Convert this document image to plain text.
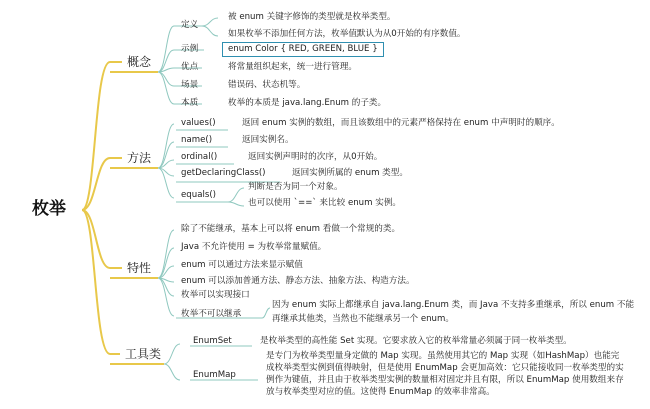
枚举
概念
定义
被 enum 关键字修饰的类型就是枚举类型。
如果枚举不添加任何方法，枚举值默认为从0开始的有序数值。
示例	enum Color { RED, GREEN, BLUE }
优点	将常量组织起来，统一进行管理。
场景	错误码、状态机等。
本质	枚举的本质是 java.lang.Enum 的子类。
方法
values()	返回 enum 实例的数组，而且该数组中的元素严格保持在 enum 中声明时的顺序。
name()	返回实例名。
ordinal()	返回实例声明时的次序，从0开始。
getDeclaringClass()	返回实例所属的 enum 类型。
equals()
判断是否为同一个对象。
也可以使用 `==` 来比较 enum 实例。
特性
除了不能继承，基本上可以将 enum 看做一个常规的类。
Java 不允许使用 = 为枚举常量赋值。
enum 可以通过方法来显示赋值
enum 可以添加普通方法、静态方法、抽象方法、构造方法。
枚举可以实现接口
枚举不可以继承
因为 enum 实际上都继承自 java.lang.Enum 类，而 Java 不支持多重继承，所以 enum 不能
再继承其他类，当然也不能继承另一个 enum。
工具类
EnumSet	是枚举类型的高性能 Set 实现。它要求放入它的枚举常量必须属于同一枚举类型。
EnumMap
是专门为枚举类型量身定做的 Map 实现。虽然使用其它的 Map 实现（如HashMap）也能完
成枚举类型实例到值得映射，但是使用 EnumMap 会更加高效：它只能接收同一枚举类型的实
例作为键值，并且由于枚举类型实例的数量相对固定并且有限，所以 EnumMap 使用数组来存
放与枚举类型对应的值。这使得 EnumMap 的效率非常高。
